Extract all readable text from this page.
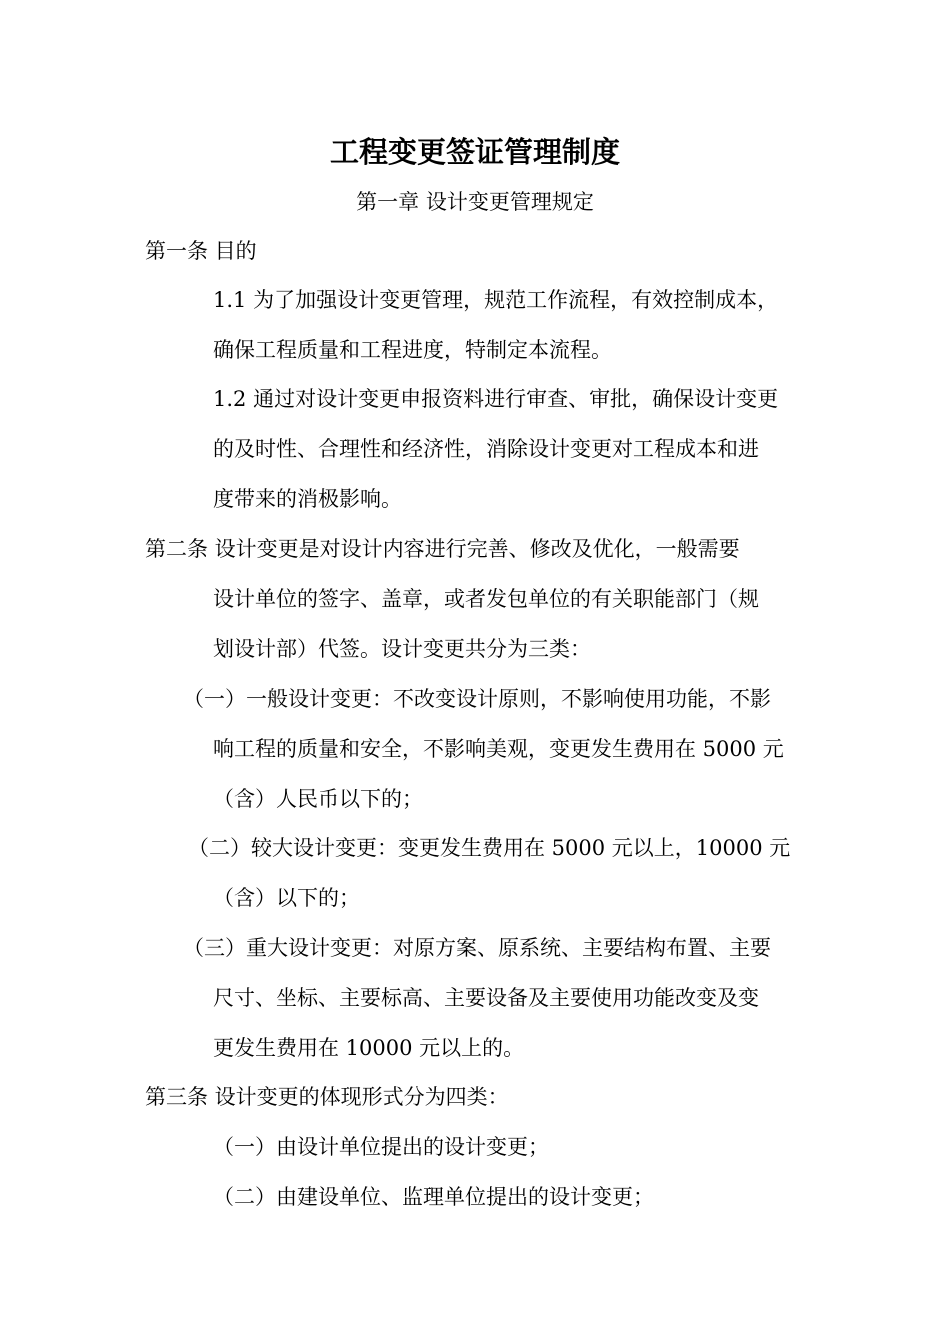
工程变更签证管理制度
第一章 设计变更管理规定
第一条 目的
1.1 为了加强设计变更管理，规范工作流程，有效控制成本，
确保工程质量和工程进度，特制定本流程。
1.2 通过对设计变更申报资料进行审查、审批，确保设计变更
的及时性、合理性和经济性，消除设计变更对工程成本和进
度带来的消极影响。
第二条 设计变更是对设计内容进行完善、修改及优化，一般需要
设计单位的签字、盖章，或者发包单位的有关职能部门（规
划设计部）代签。设计变更共分为三类：
（一）一般设计变更：不改变设计原则，不影响使用功能，不影
响工程的质量和安全，不影响美观，变更发生费用在 5000 元
（含）人民币以下的；
（二）较大设计变更：变更发生费用在 5000 元以上，10000 元
（含）以下的；
（三）重大设计变更：对原方案、原系统、主要结构布置、主要
尺寸、坐标、主要标高、主要设备及主要使用功能改变及变
更发生费用在 10000 元以上的。
第三条 设计变更的体现形式分为四类：
（一）由设计单位提出的设计变更；
（二）由建设单位、监理单位提出的设计变更；
